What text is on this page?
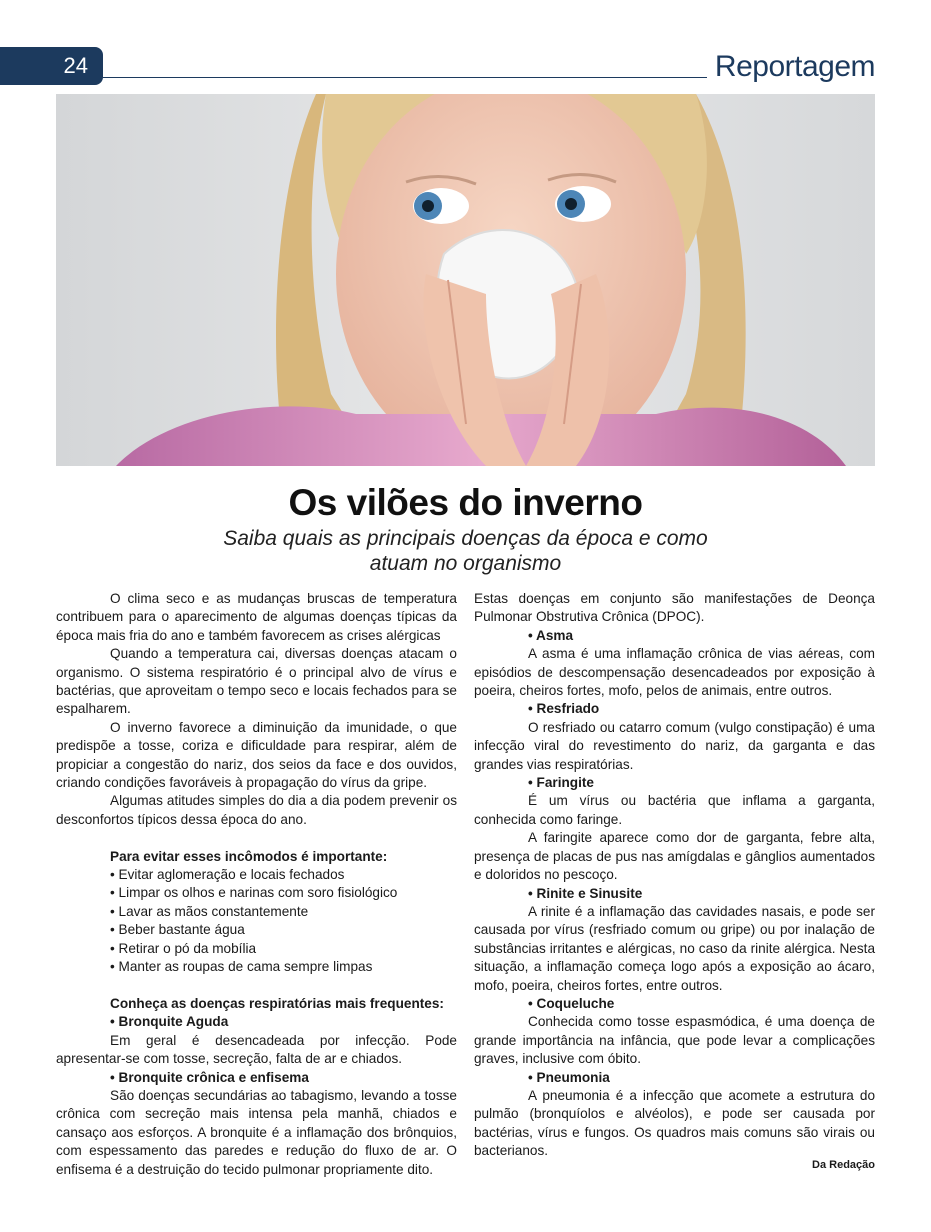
24	Reportagem
Os vilões do inverno
Saiba quais as principais doenças da época e como
atuam no organismo

O clima seco e as mudanças bruscas de temperatura contribuem para o aparecimento de algumas doenças típicas da época mais fria do ano e também favorecem as crises alérgicas

Quando a temperatura cai, diversas doenças atacam o organismo. O sistema respiratório é o principal alvo de vírus e bactérias, que aproveitam o tempo seco e locais fechados para se espalharem.

O inverno favorece a diminuição da imunidade, o que predispõe a tosse, coriza e dificuldade para respirar, além de propiciar a congestão do nariz, dos seios da face e dos ouvidos, criando condições favoráveis à propagação do vírus da gripe.

Algumas atitudes simples do dia a dia podem prevenir os desconfortos típicos dessa época do ano.

Para evitar esses incômodos é importante:

• Evitar aglomeração e locais fechados

• Limpar os olhos e narinas com soro fisiológico

• Lavar as mãos constantemente

• Beber bastante água

• Retirar o pó da mobília

• Manter as roupas de cama sempre limpas

Conheça as doenças respiratórias mais frequentes:

• Bronquite Aguda

Em geral é desencadeada por infecção. Pode apresentar-se com tosse, secreção, falta de ar e chiados.

• Bronquite crônica e enfisema

São doenças secundárias ao tabagismo, levando a tosse crônica com secreção mais intensa pela manhã, chiados e cansaço aos esforços. A bronquite é a inflamação dos brônquios, com espessamento das paredes e redução do fluxo de ar. O enfisema é a destruição do tecido pulmonar propriamente dito.

Estas doenças em conjunto são manifestações de Deonça Pulmonar Obstrutiva Crônica (DPOC).

• Asma

A asma é uma inflamação crônica de vias aéreas, com episódios de descompensação desencadeados por exposição à poeira, cheiros fortes, mofo, pelos de animais, entre outros.

• Resfriado

O resfriado ou catarro comum (vulgo constipação) é uma infecção viral do revestimento do nariz, da garganta e das grandes vias respiratórias.

• Faringite

É um vírus ou bactéria que inflama a garganta, conhecida como faringe.

A faringite aparece como dor de garganta, febre alta, presença de placas de pus nas amígdalas e gânglios aumentados e doloridos no pescoço.

• Rinite e Sinusite

A rinite é a inflamação das cavidades nasais, e pode ser causada por vírus (resfriado comum ou gripe) ou por inalação de substâncias irritantes e alérgicas, no caso da rinite alérgica. Nesta situação, a inflamação começa logo após a exposição ao ácaro, mofo, poeira, cheiros fortes, entre outros.

• Coqueluche

Conhecida como tosse espasmódica, é uma doença de grande importância na infância, que pode levar a complicações graves, inclusive com óbito.

• Pneumonia

A pneumonia é a infecção que acomete a estrutura do pulmão (bronquíolos e alvéolos), e pode ser causada por bactérias, vírus e fungos. Os quadros mais comuns são virais ou bacterianos.

Da Redação
